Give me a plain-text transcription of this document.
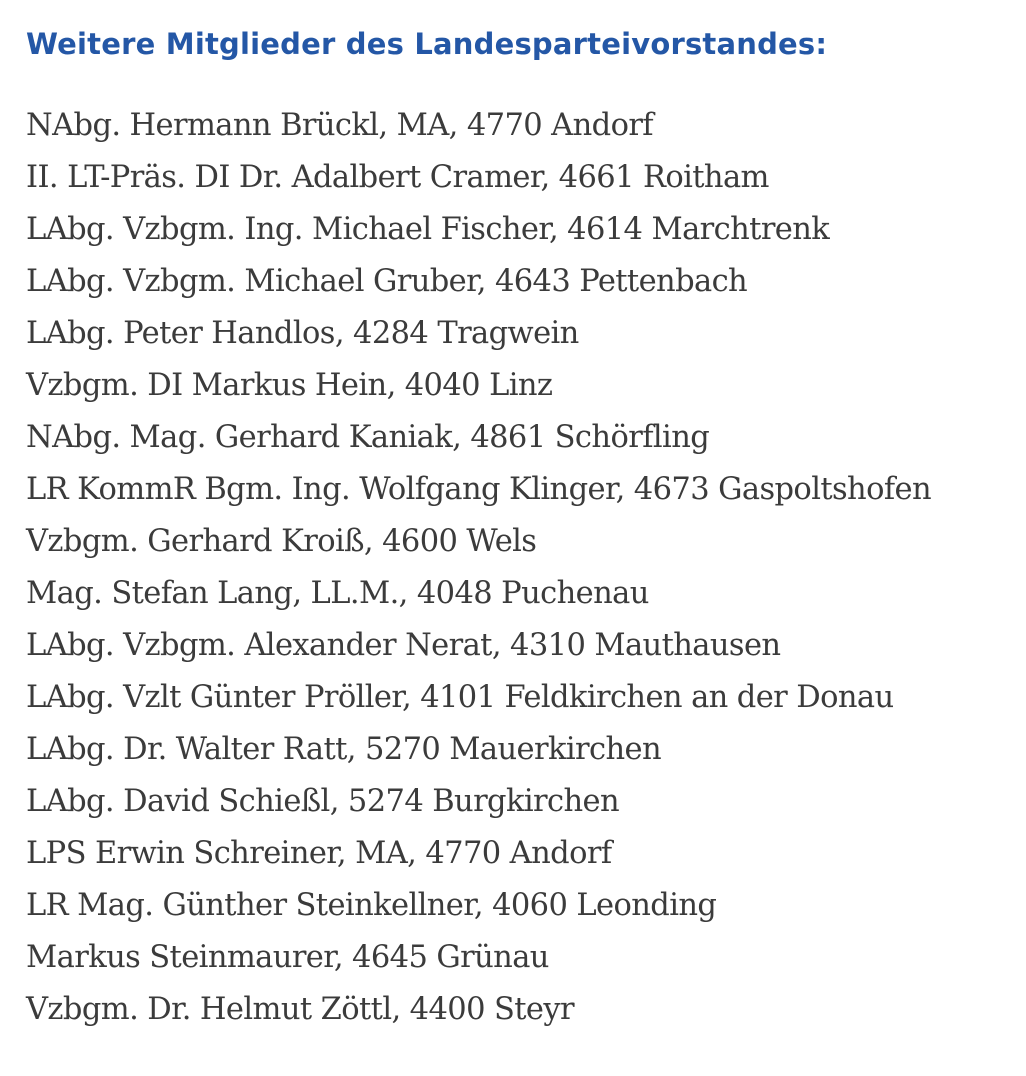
Weitere Mitglieder des Landesparteivorstandes:
NAbg. Hermann Brückl, MA, 4770 Andorf
II. LT-Präs. DI Dr. Adalbert Cramer, 4661 Roitham
LAbg. Vzbgm. Ing. Michael Fischer, 4614 Marchtrenk
LAbg. Vzbgm. Michael Gruber, 4643 Pettenbach
LAbg. Peter Handlos, 4284 Tragwein
Vzbgm. DI Markus Hein, 4040 Linz
NAbg. Mag. Gerhard Kaniak, 4861 Schörfling
LR KommR Bgm. Ing. Wolfgang Klinger, 4673 Gaspoltshofen
Vzbgm. Gerhard Kroiß, 4600 Wels
Mag. Stefan Lang, LL.M., 4048 Puchenau
LAbg. Vzbgm. Alexander Nerat, 4310 Mauthausen
LAbg. Vzlt Günter Pröller, 4101 Feldkirchen an der Donau
LAbg. Dr. Walter Ratt, 5270 Mauerkirchen
LAbg. David Schießl, 5274 Burgkirchen
LPS Erwin Schreiner, MA, 4770 Andorf
LR Mag. Günther Steinkellner, 4060 Leonding
Markus Steinmaurer, 4645 Grünau
Vzbgm. Dr. Helmut Zöttl, 4400 Steyr
